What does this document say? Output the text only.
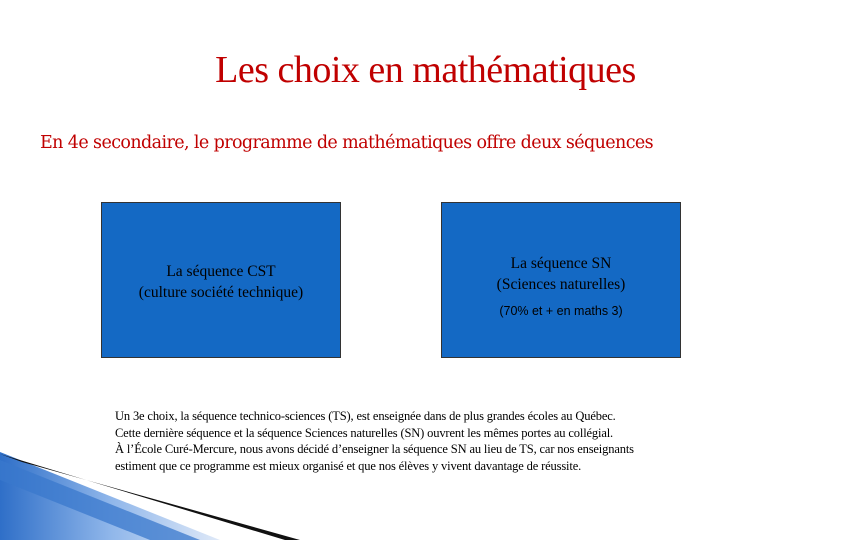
Les choix en mathématiques
En 4e secondaire, le programme de mathématiques offre deux séquences
La séquence CST
(culture société technique)
La séquence SN
(Sciences naturelles)
(70% et + en maths 3)
Un 3e choix, la séquence technico-sciences (TS), est enseignée dans de plus grandes écoles au Québec.
Cette dernière séquence et la séquence Sciences naturelles (SN) ouvrent les mêmes portes au collégial.
À l’École Curé-Mercure, nous avons décidé d’enseigner la séquence SN au lieu de TS, car nos enseignants
estiment que ce programme est mieux organisé et que nos élèves y vivent davantage de réussite.
